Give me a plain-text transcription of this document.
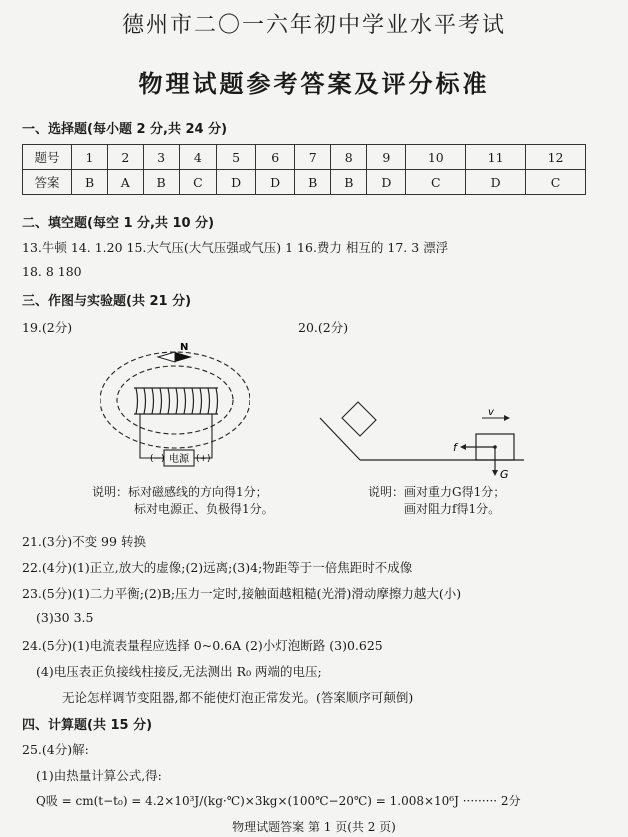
德州市二〇一六年初中学业水平考试
物理试题参考答案及评分标准
一、选择题(每小题 2 分,共 24 分)
题号	1	2	3	4	5	6	7	8	9	10	11	12
答案	B	A	B	C	D	D	B	B	D	C	D	C
二、填空题(每空 1 分,共 10 分)
13.牛顿 14. 1.20 15.大气压(大气压强或气压) 1 16.费力 相互的 17. 3 漂浮
18. 8 180
三、作图与实验题(共 21 分)
19.(2分)	20.(2分)
电源
(−)	(+)
N
说明：标对磁感线的方向得1分；
标对电源正、负极得1分。
v
f
G
说明：画对重力G得1分；
画对阻力f得1分。
21.(3分)不变 99 转换
22.(4分)(1)正立,放大的虚像;(2)远离;(3)4;物距等于一倍焦距时不成像
23.(5分)(1)二力平衡;(2)B;压力一定时,接触面越粗糙(光滑)滑动摩擦力越大(小)
(3)30 3.5
24.(5分)(1)电流表量程应选择 0~0.6A (2)小灯泡断路 (3)0.625
(4)电压表正负接线柱接反,无法测出 R₀ 两端的电压;
无论怎样调节变阻器,都不能使灯泡正常发光。(答案顺序可颠倒)
四、计算题(共 15 分)
25.(4分)解:
(1)由热量计算公式,得:
Q吸 = cm(t−t₀) = 4.2×10³J/(kg·℃)×3kg×(100℃−20℃) = 1.008×10⁶J ········· 2分
物理试题答案 第 1 页(共 2 页)
